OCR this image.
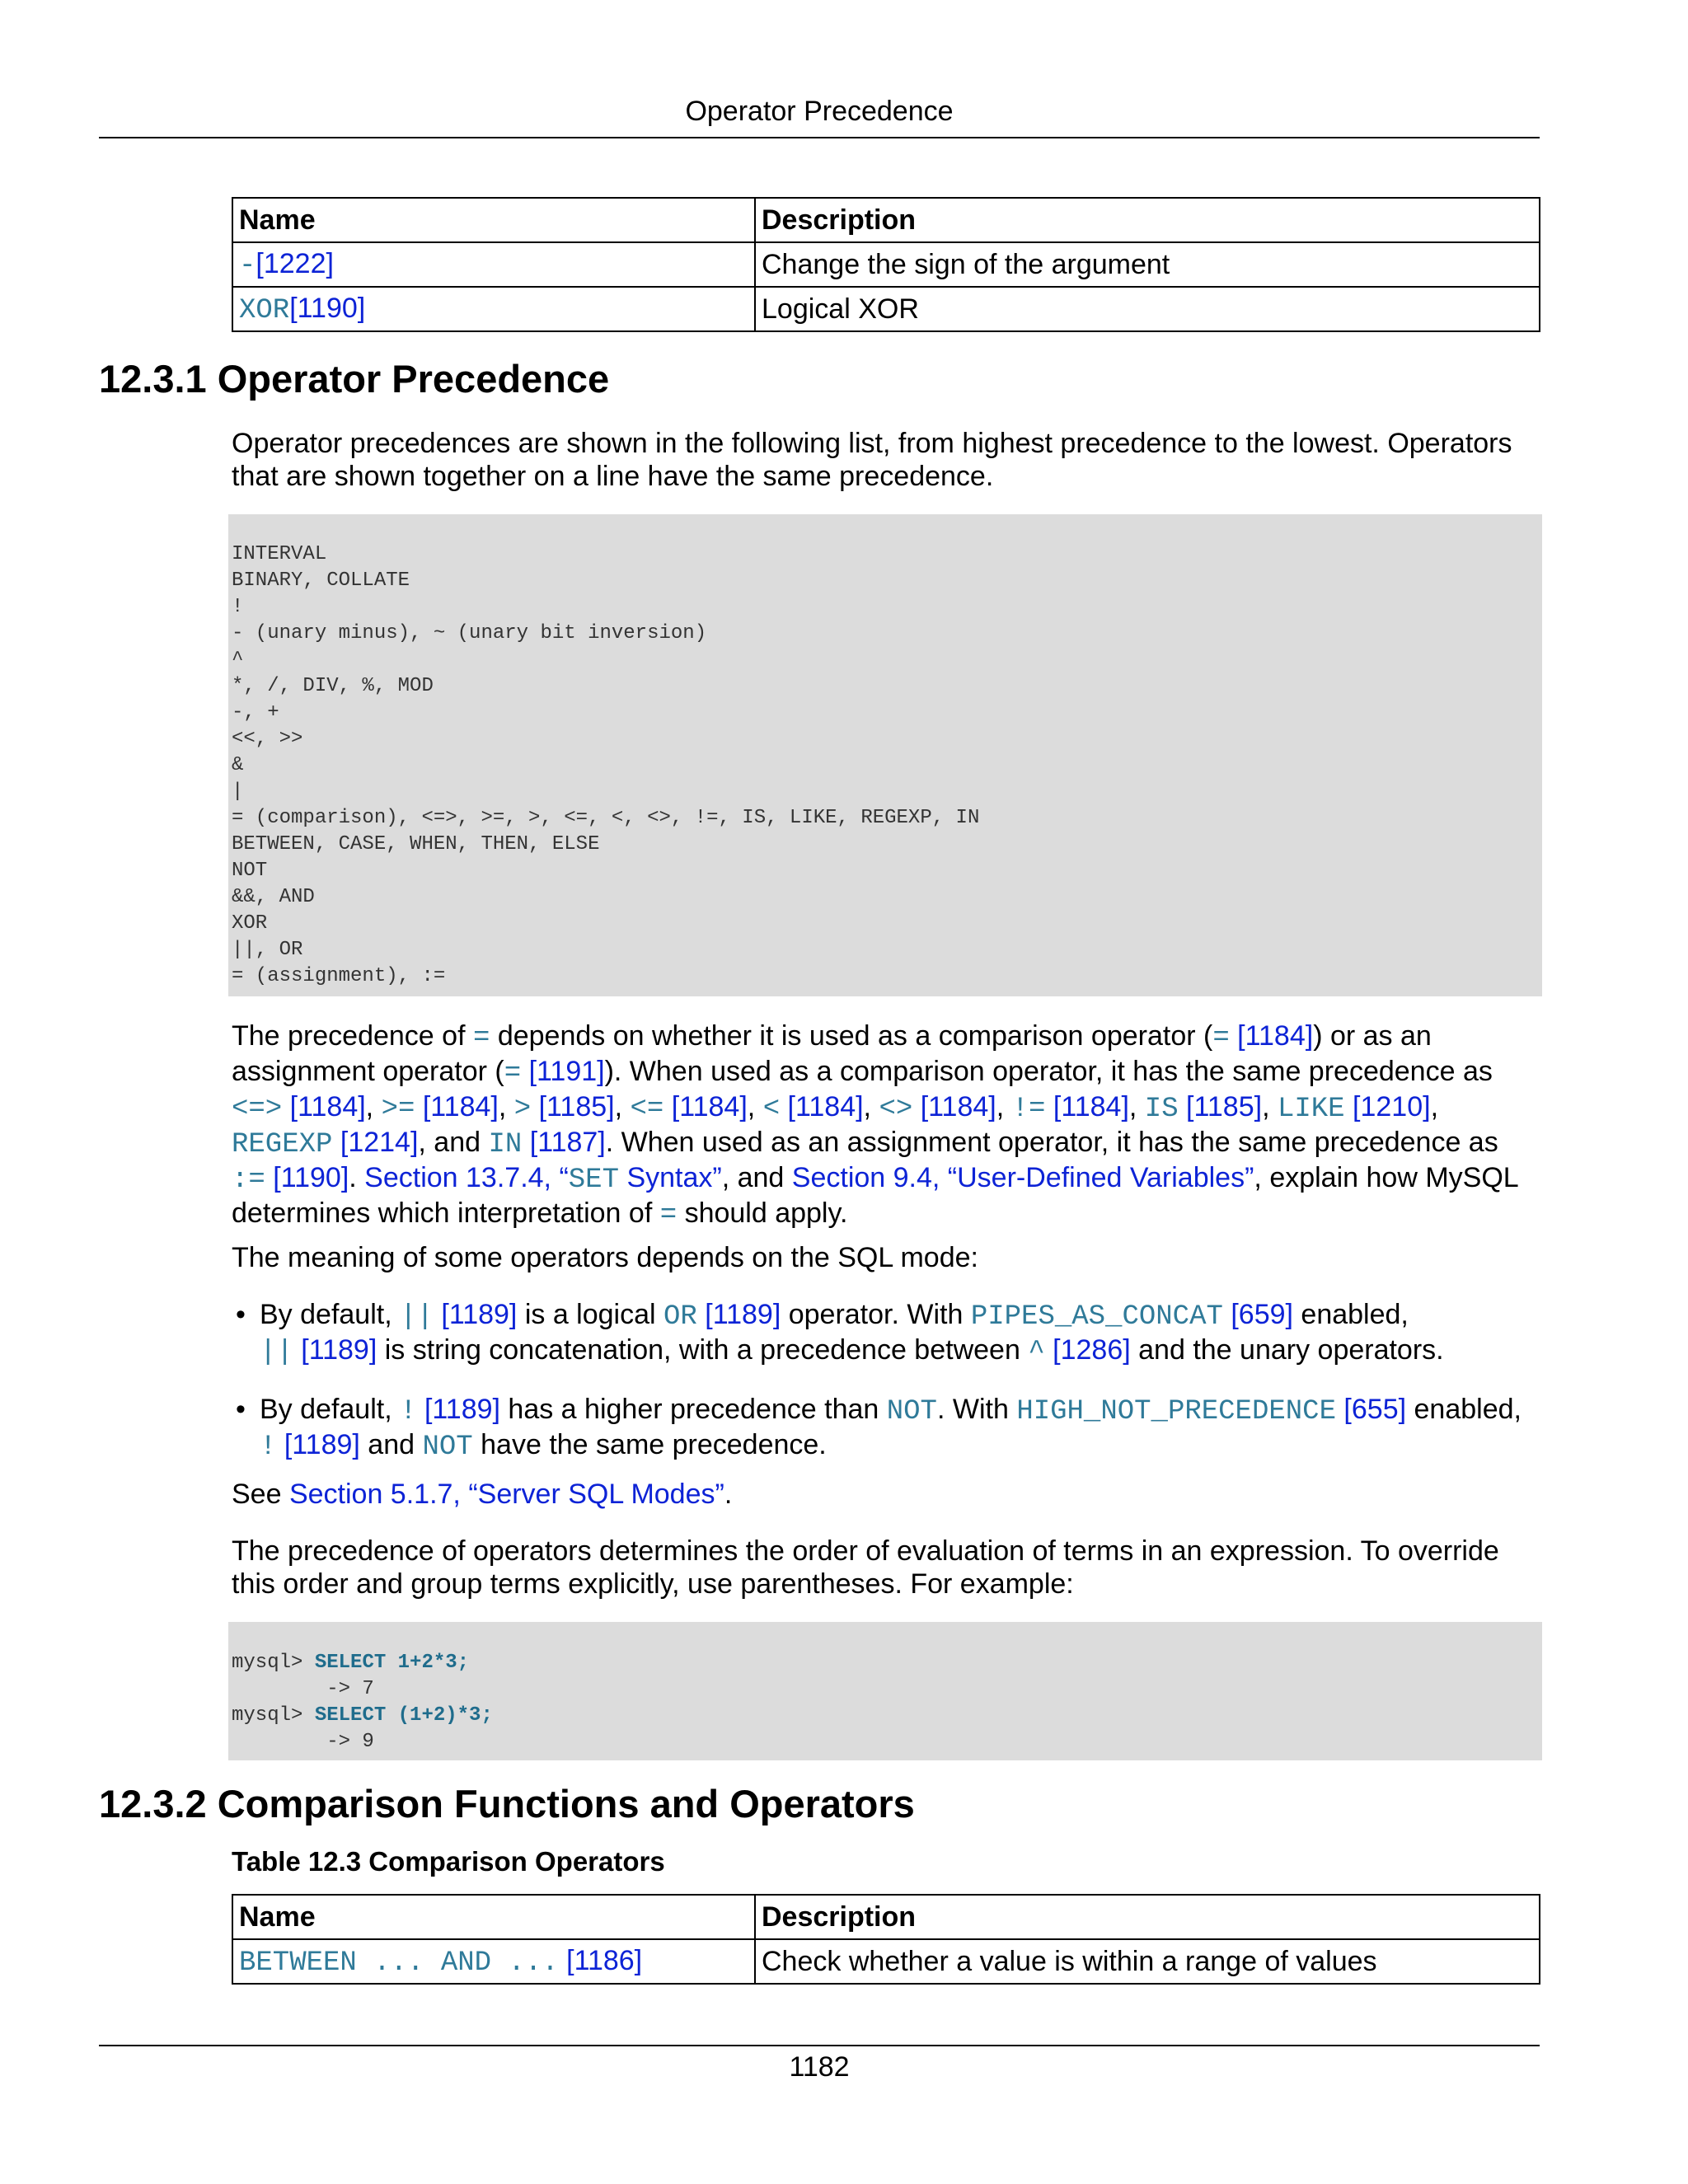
Operator Precedence
Name	Description
-[1222]	Change the sign of the argument
XOR[1190]	Logical XOR
12.3.1 Operator Precedence

Operator precedences are shown in the following list, from highest precedence to the lowest. Operators that are shown together on a line have the same precedence.

INTERVAL
BINARY, COLLATE
!
- (unary minus), ~ (unary bit inversion)
^
*, /, DIV, %, MOD
-, +
<<, >>
&
|
= (comparison), <=>, >=, >, <=, <, <>, !=, IS, LIKE, REGEXP, IN
BETWEEN, CASE, WHEN, THEN, ELSE
NOT
&&, AND
XOR
||, OR
= (assignment), :=

The precedence of = depends on whether it is used as a comparison operator (= [1184]) or as an assignment operator (= [1191]). When used as a comparison operator, it has the same precedence as
<=> [1184], >= [1184], > [1185], <= [1184], < [1184], <> [1184], != [1184], IS [1185], LIKE [1210],
REGEXP [1214], and IN [1187]. When used as an assignment operator, it has the same precedence as
:= [1190]. Section 13.7.4, “SET Syntax”, and Section 9.4, “User-Defined Variables”, explain how MySQL determines which interpretation of = should apply.

The meaning of some operators depends on the SQL mode:

• By default, || [1189] is a logical OR [1189] operator. With PIPES_AS_CONCAT [659] enabled,
|| [1189] is string concatenation, with a precedence between ^ [1286] and the unary operators.
• By default, ! [1189] has a higher precedence than NOT. With HIGH_NOT_PRECEDENCE [655] enabled,
! [1189] and NOT have the same precedence.

See Section 5.1.7, “Server SQL Modes”.

The precedence of operators determines the order of evaluation of terms in an expression. To override this order and group terms explicitly, use parentheses. For example:

mysql> SELECT 1+2*3;
-> 7
mysql> SELECT (1+2)*3;
-> 9
12.3.2 Comparison Functions and Operators
Table 12.3 Comparison Operators
Name	Description
BETWEEN ... AND ... [1186]	Check whether a value is within a range of values
1182
